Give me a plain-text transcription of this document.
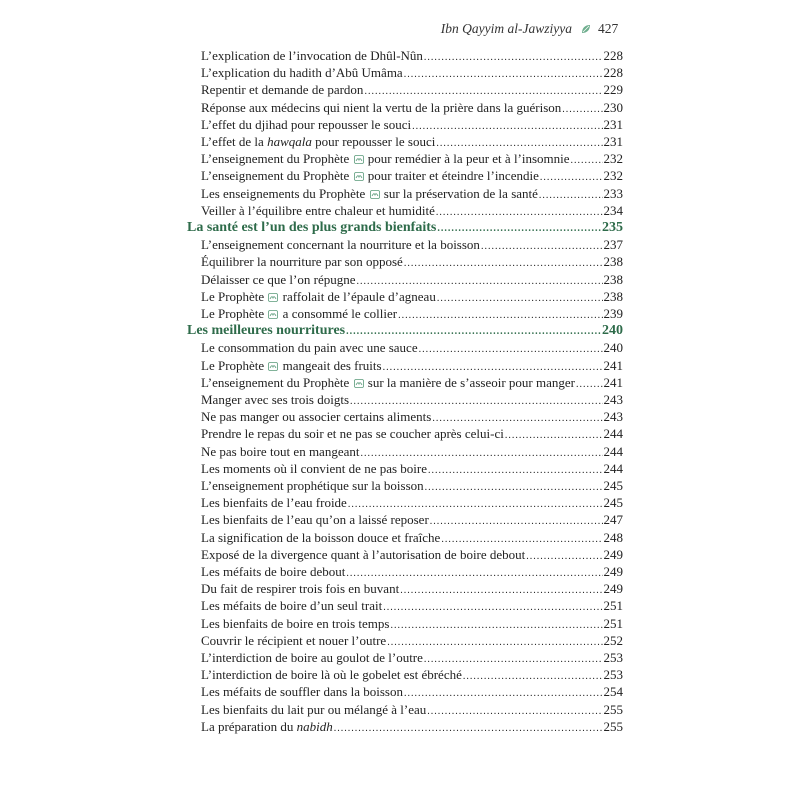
Ibn Qayyim al-Jawziyya 427
L’explication de l’invocation de Dhûl-Nûn .....	228
L’explication du hadith d’Abû Umâma .....	228
Repentir et demande de pardon .....	229
Réponse aux médecins qui nient la vertu de la prière dans la guérison .....	230
L’effet du djihad pour repousser le souci .....	231
L’effet de la hawqala pour repousser le souci .....	231
L’enseignement du Prophète  pour remédier à la peur et à l’insomnie .....	232
L’enseignement du Prophète  pour traiter et éteindre l’incendie .....	232
Les enseignements du Prophète  sur la préservation de la santé .....	233
Veiller à l’équilibre entre chaleur et humidité .....	234
La santé est l’un des plus grands bienfaits .....	235
L’enseignement concernant la nourriture et la boisson .....	237
Équilibrer la nourriture par son opposé .....	238
Délaisser ce que l’on répugne .....	238
Le Prophète  raffolait de l’épaule d’agneau .....	238
Le Prophète  a consommé le collier .....	239
Les meilleures nourritures .....	240
Le consommation du pain avec une sauce .....	240
Le Prophète  mangeait des fruits .....	241
L’enseignement du Prophète  sur la manière de s’asseoir pour manger ..... 241
Manger avec ses trois doigts .....	243
Ne pas manger ou associer certains aliments .....	243
Prendre le repas du soir et ne pas se coucher après celui-ci .....	244
Ne pas boire tout en mangeant .....	244
Les moments où il convient de ne pas boire .....	244
L’enseignement prophétique sur la boisson .....	245
Les bienfaits de l’eau froide .....	245
Les bienfaits de l’eau qu’on a laissé reposer .....	247
La signification de la boisson douce et fraîche .....	248
Exposé de la divergence quant à l’autorisation de boire debout .....	249
Les méfaits de boire debout .....	249
Du fait de respirer trois fois en buvant .....	249
Les méfaits de boire d’un seul trait .....	251
Les bienfaits de boire en trois temps .....	251
Couvrir le récipient et nouer l’outre .....	252
L’interdiction de boire au goulot de l’outre .....	253
L’interdiction de boire là où le gobelet est ébréché .....	253
Les méfaits de souffler dans la boisson .....	254
Les bienfaits du lait pur ou mélangé à l’eau .....	255
La préparation du nabidh .....	255
